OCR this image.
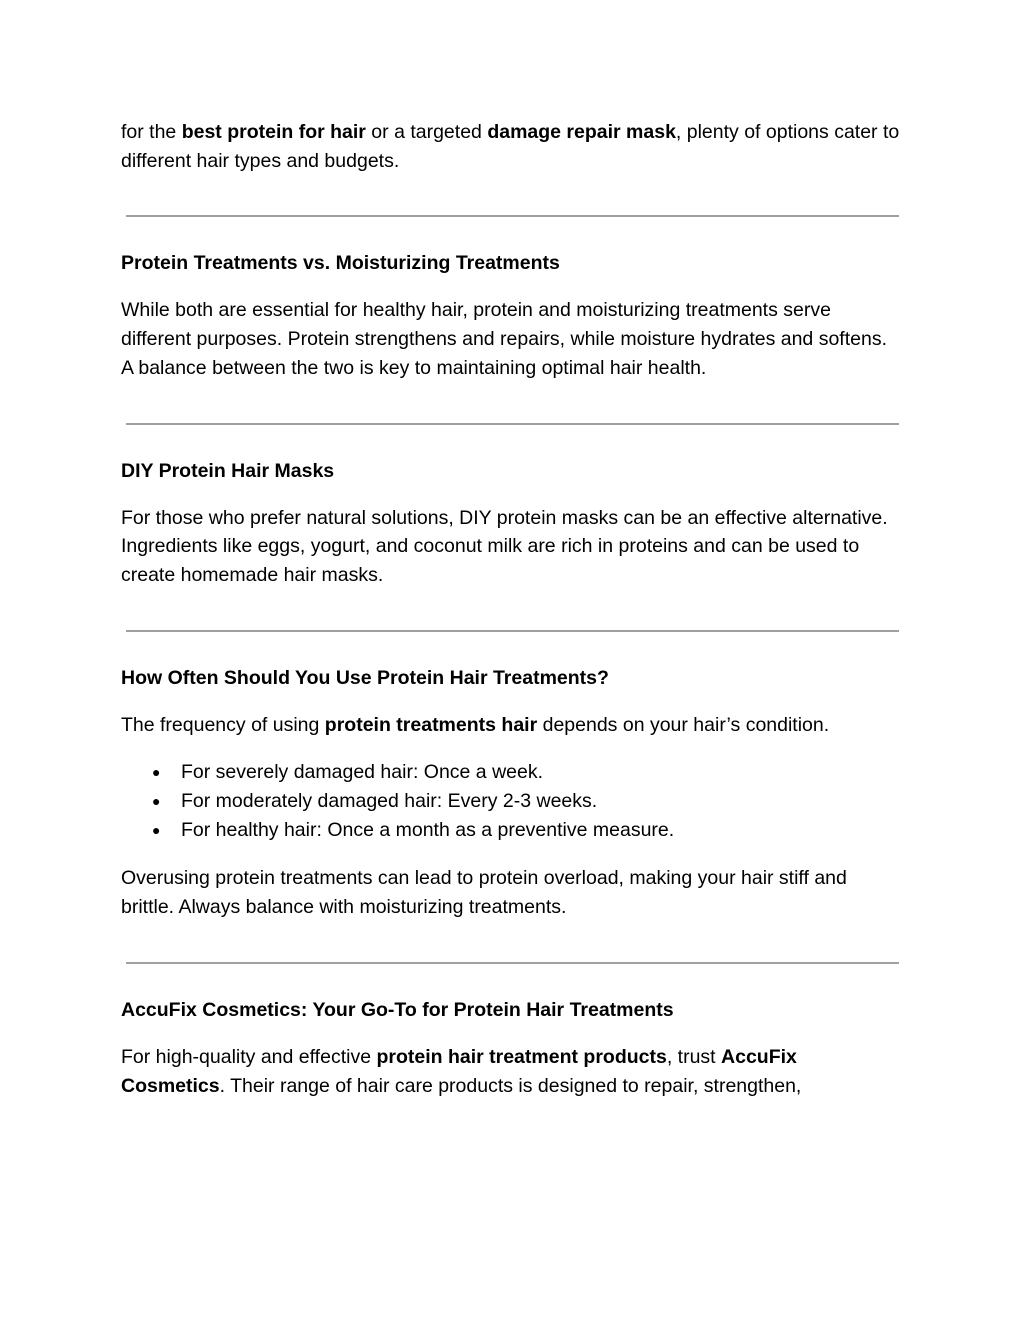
for the best protein for hair or a targeted damage repair mask, plenty of options cater to different hair types and budgets.

Protein Treatments vs. Moisturizing Treatments

While both are essential for healthy hair, protein and moisturizing treatments serve different purposes. Protein strengthens and repairs, while moisture hydrates and softens. A balance between the two is key to maintaining optimal hair health.

DIY Protein Hair Masks

For those who prefer natural solutions, DIY protein masks can be an effective alternative. Ingredients like eggs, yogurt, and coconut milk are rich in proteins and can be used to create homemade hair masks.

How Often Should You Use Protein Hair Treatments?

The frequency of using protein treatments hair depends on your hair’s condition.

● For severely damaged hair: Once a week.
● For moderately damaged hair: Every 2-3 weeks.
● For healthy hair: Once a month as a preventive measure.

Overusing protein treatments can lead to protein overload, making your hair stiff and brittle. Always balance with moisturizing treatments.

AccuFix Cosmetics: Your Go-To for Protein Hair Treatments

For high-quality and effective protein hair treatment products, trust AccuFix Cosmetics. Their range of hair care products is designed to repair, strengthen,
